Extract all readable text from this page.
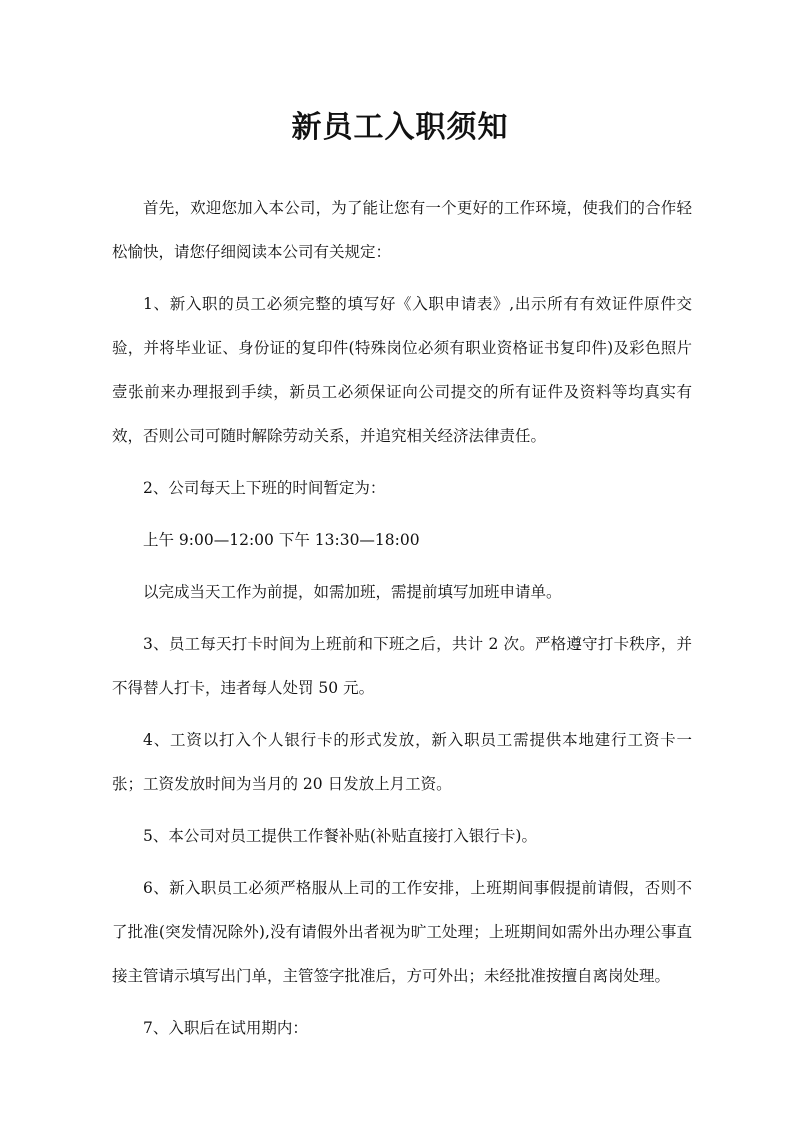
新员工入职须知

首先，欢迎您加入本公司，为了能让您有一个更好的工作环境，使我们的合作轻松愉快，请您仔细阅读本公司有关规定：

1、新入职的员工必须完整的填写好《入职申请表》,出示所有有效证件原件交验，并将毕业证、身份证的复印件(特殊岗位必须有职业资格证书复印件)及彩色照片壹张前来办理报到手续，新员工必须保证向公司提交的所有证件及资料等均真实有效，否则公司可随时解除劳动关系，并追究相关经济法律责任。

2、公司每天上下班的时间暂定为：

上午 9:00—12:00 下午 13:30—18:00

以完成当天工作为前提，如需加班，需提前填写加班申请单。

3、员工每天打卡时间为上班前和下班之后，共计 2 次。严格遵守打卡秩序，并不得替人打卡，违者每人处罚 50 元。

4、工资以打入个人银行卡的形式发放，新入职员工需提供本地建行工资卡一张；工资发放时间为当月的 20 日发放上月工资。

5、本公司对员工提供工作餐补贴(补贴直接打入银行卡)。

6、新入职员工必须严格服从上司的工作安排，上班期间事假提前请假，否则不了批准(突发情况除外),没有请假外出者视为旷工处理；上班期间如需外出办理公事直接主管请示填写出门单，主管签字批准后，方可外出；未经批准按擅自离岗处理。

7、入职后在试用期内：
